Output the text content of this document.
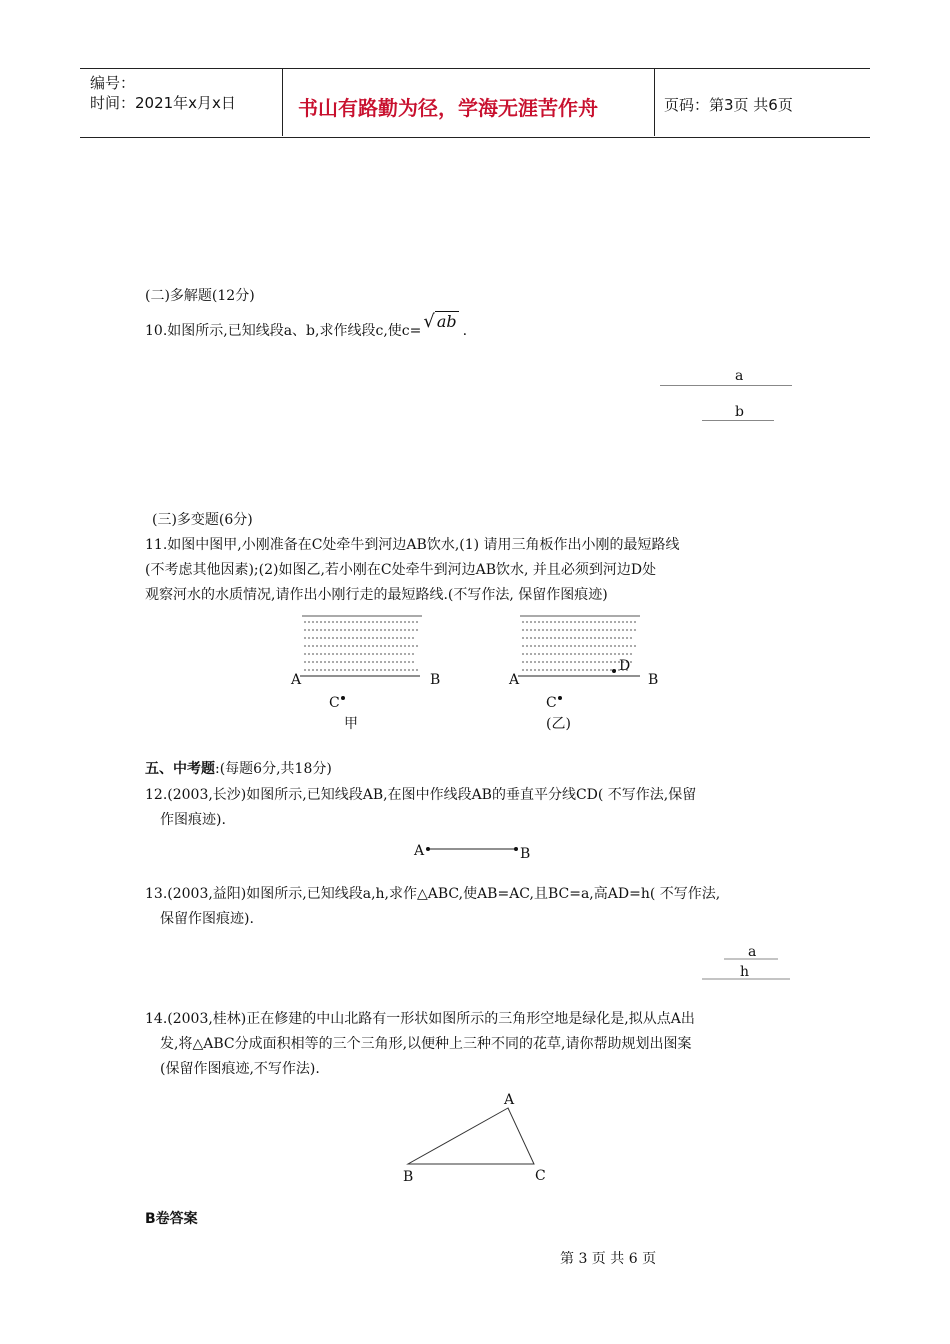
编号：
时间：2021年x月x日	书山有路勤为径，学海无涯苦作舟	页码：第3页 共6页
(二)多解题(12分)
10.如图所示,已知线段a、b,求作线段c,使c= √ ab .
a
b
(三)多变题(6分)
11.如图中图甲,小刚准备在C处牵牛到河边AB饮水,(1) 请用三角板作出小刚的最短路线
(不考虑其他因素);(2)如图乙,若小刚在C处牵牛到河边AB饮水, 并且必须到河边D处
观察河水的水质情况,请作出小刚行走的最短路线.(不写作法, 保留作图痕迹)
A	B
C
甲
A	B
D
C
(乙)
A	B
a
h
A
B	C
五、中考题:(每题6分,共18分)
12.(2003,长沙)如图所示,已知线段AB,在图中作线段AB的垂直平分线CD( 不写作法,保留
作图痕迹).
13.(2003,益阳)如图所示,已知线段a,h,求作△ABC,使AB=AC,且BC=a,高AD=h( 不写作法,
保留作图痕迹).
14.(2003,桂林)正在修建的中山北路有一形状如图所示的三角形空地是绿化是,拟从点A出
发,将△ABC分成面积相等的三个三角形,以便种上三种不同的花草,请你帮助规划出图案
(保留作图痕迹,不写作法).
B卷答案
第 3 页 共 6 页
